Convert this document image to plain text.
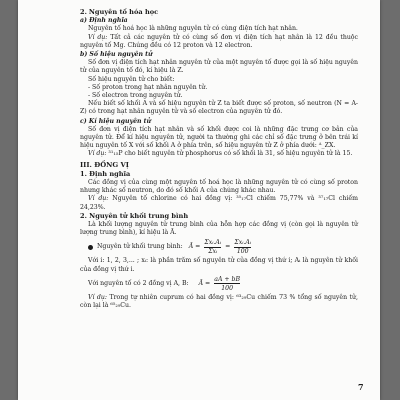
2. Nguyên tố hóa học
a) Định nghĩa

Nguyên tố hoá học là những nguyên tử có cùng điện tích hạt nhân.

Ví dụ: Tất cả các nguyên tử có cùng số đơn vị điện tích hạt nhân là 12 đều thuộc nguyên tố Mg. Chúng đều có 12 proton và 12 electron.

b) Số hiệu nguyên tử

Số đơn vị điện tích hạt nhân nguyên tử của một nguyên tố được gọi là số hiệu nguyên tử của nguyên tố đó, kí hiệu là Z.

Số hiệu nguyên tử cho biết:

- Số proton trong hạt nhân nguyên tử.

- Số electron trong nguyên tử.

Nếu biết số khối A và số hiệu nguyên tử Z ta biết được số proton, số neutron (N = A- Z) có trong hạt nhân nguyên tử và số electron của nguyên tử đó.

c) Kí hiệu nguyên tử

Số đơn vị điện tích hạt nhân và số khối được coi là những đặc trưng cơ bản của nguyên tử. Để kí hiệu nguyên tử, người ta thường ghi các chỉ số đặc trưng ở bên trái kí hiệu nguyên tố X với số khối A ở phía trên, số hiệu nguyên tử Z ở phía dưới: ᴬ_ZX.

Ví dụ: ³¹₁₅P cho biết nguyên tử phosphorus có số khối là 31, số hiệu nguyên tử là 15.

III. ĐỒNG VỊ
1. Định nghĩa

Các đồng vị của cùng một nguyên tố hoá học là những nguyên tử có cùng số proton nhưng khác số neutron, do đó số khối A của chúng khác nhau.

Ví dụ: Nguyên tố chlorine có hai đồng vị: ³⁵₁₇Cl chiếm 75,77% và ³⁷₁₇Cl chiếm 24,23%.

2. Nguyên tử khối trung bình

Là khối lượng nguyên tử trung bình của hỗn hợp các đồng vị (còn gọi là nguyên tử lượng trung bình), kí hiệu là Ā.

Nguyên tử khối trung bình: Ā = $\frac{\text{Σxᵢ.Aᵢ}}{\text{Σxᵢ}} = \frac{\text{Σxᵢ.Aᵢ}}{100}$

Với i: 1, 2, 3,... ; xᵢ: là phần trăm số nguyên tử của đồng vị thứ i; Aᵢ là nguyên tử khối của đồng vị thứ i.

Với nguyên tố có 2 đồng vị A, B: Ā = $\frac{aA + bB}{100}$

Ví dụ: Trong tự nhiên cuprum có hai đồng vị: ⁶³₂₉Cu chiếm 73 % tổng số nguyên tử, còn lại là ⁶⁵₂₉Cu.

7
